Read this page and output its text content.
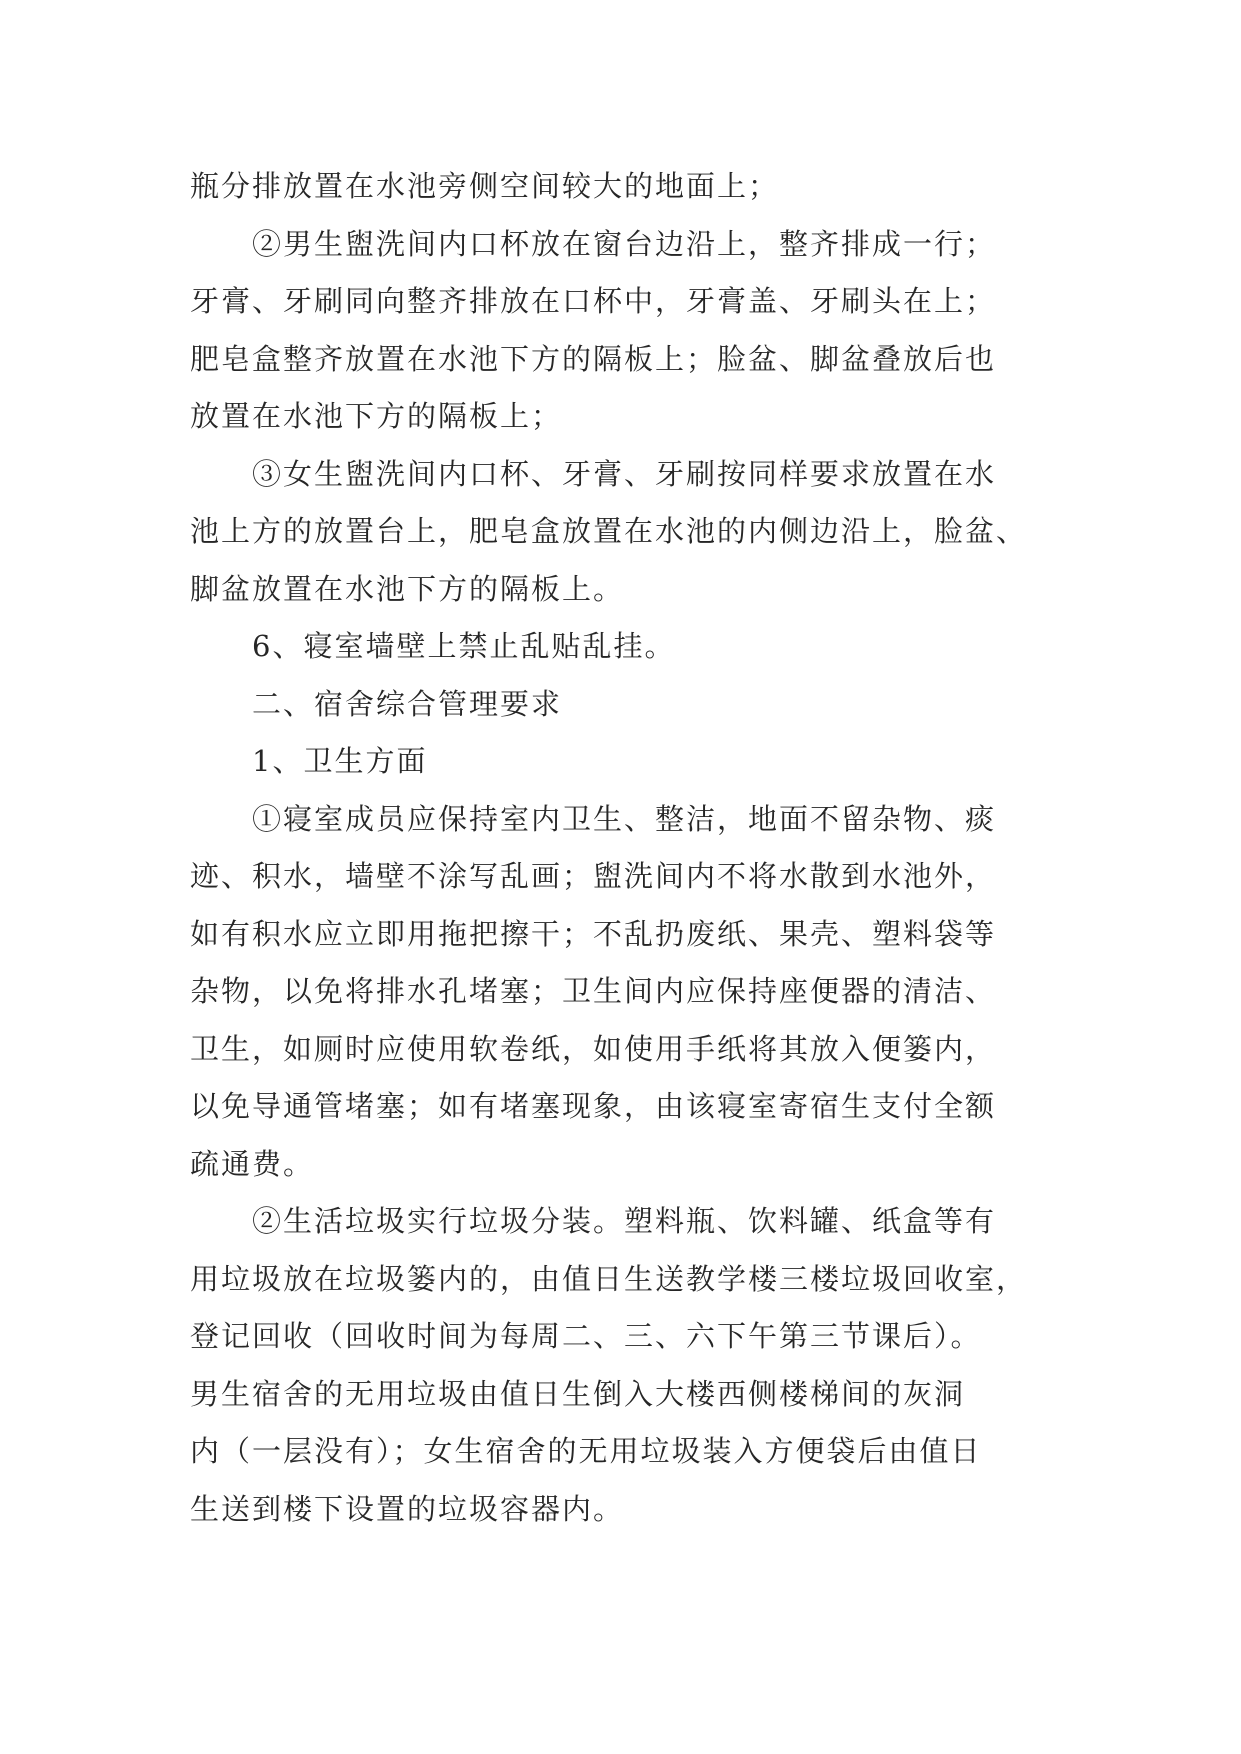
瓶分排放置在水池旁侧空间较大的地面上；
②男生盥洗间内口杯放在窗台边沿上，整齐排成一行；
牙膏、牙刷同向整齐排放在口杯中，牙膏盖、牙刷头在上；
肥皂盒整齐放置在水池下方的隔板上；脸盆、脚盆叠放后也
放置在水池下方的隔板上；
③女生盥洗间内口杯、牙膏、牙刷按同样要求放置在水
池上方的放置台上，肥皂盒放置在水池的内侧边沿上，脸盆、
脚盆放置在水池下方的隔板上。
6、寝室墙壁上禁止乱贴乱挂。
二、宿舍综合管理要求
1、卫生方面
①寝室成员应保持室内卫生、整洁，地面不留杂物、痰
迹、积水，墙壁不涂写乱画；盥洗间内不将水散到水池外，
如有积水应立即用拖把擦干；不乱扔废纸、果壳、塑料袋等
杂物，以免将排水孔堵塞；卫生间内应保持座便器的清洁、
卫生，如厕时应使用软卷纸，如使用手纸将其放入便篓内，
以免导通管堵塞；如有堵塞现象，由该寝室寄宿生支付全额
疏通费。
②生活垃圾实行垃圾分装。塑料瓶、饮料罐、纸盒等有
用垃圾放在垃圾篓内的，由值日生送教学楼三楼垃圾回收室，
登记回收（回收时间为每周二、三、六下午第三节课后）。
男生宿舍的无用垃圾由值日生倒入大楼西侧楼梯间的灰洞
内（一层没有）；女生宿舍的无用垃圾装入方便袋后由值日
生送到楼下设置的垃圾容器内。
